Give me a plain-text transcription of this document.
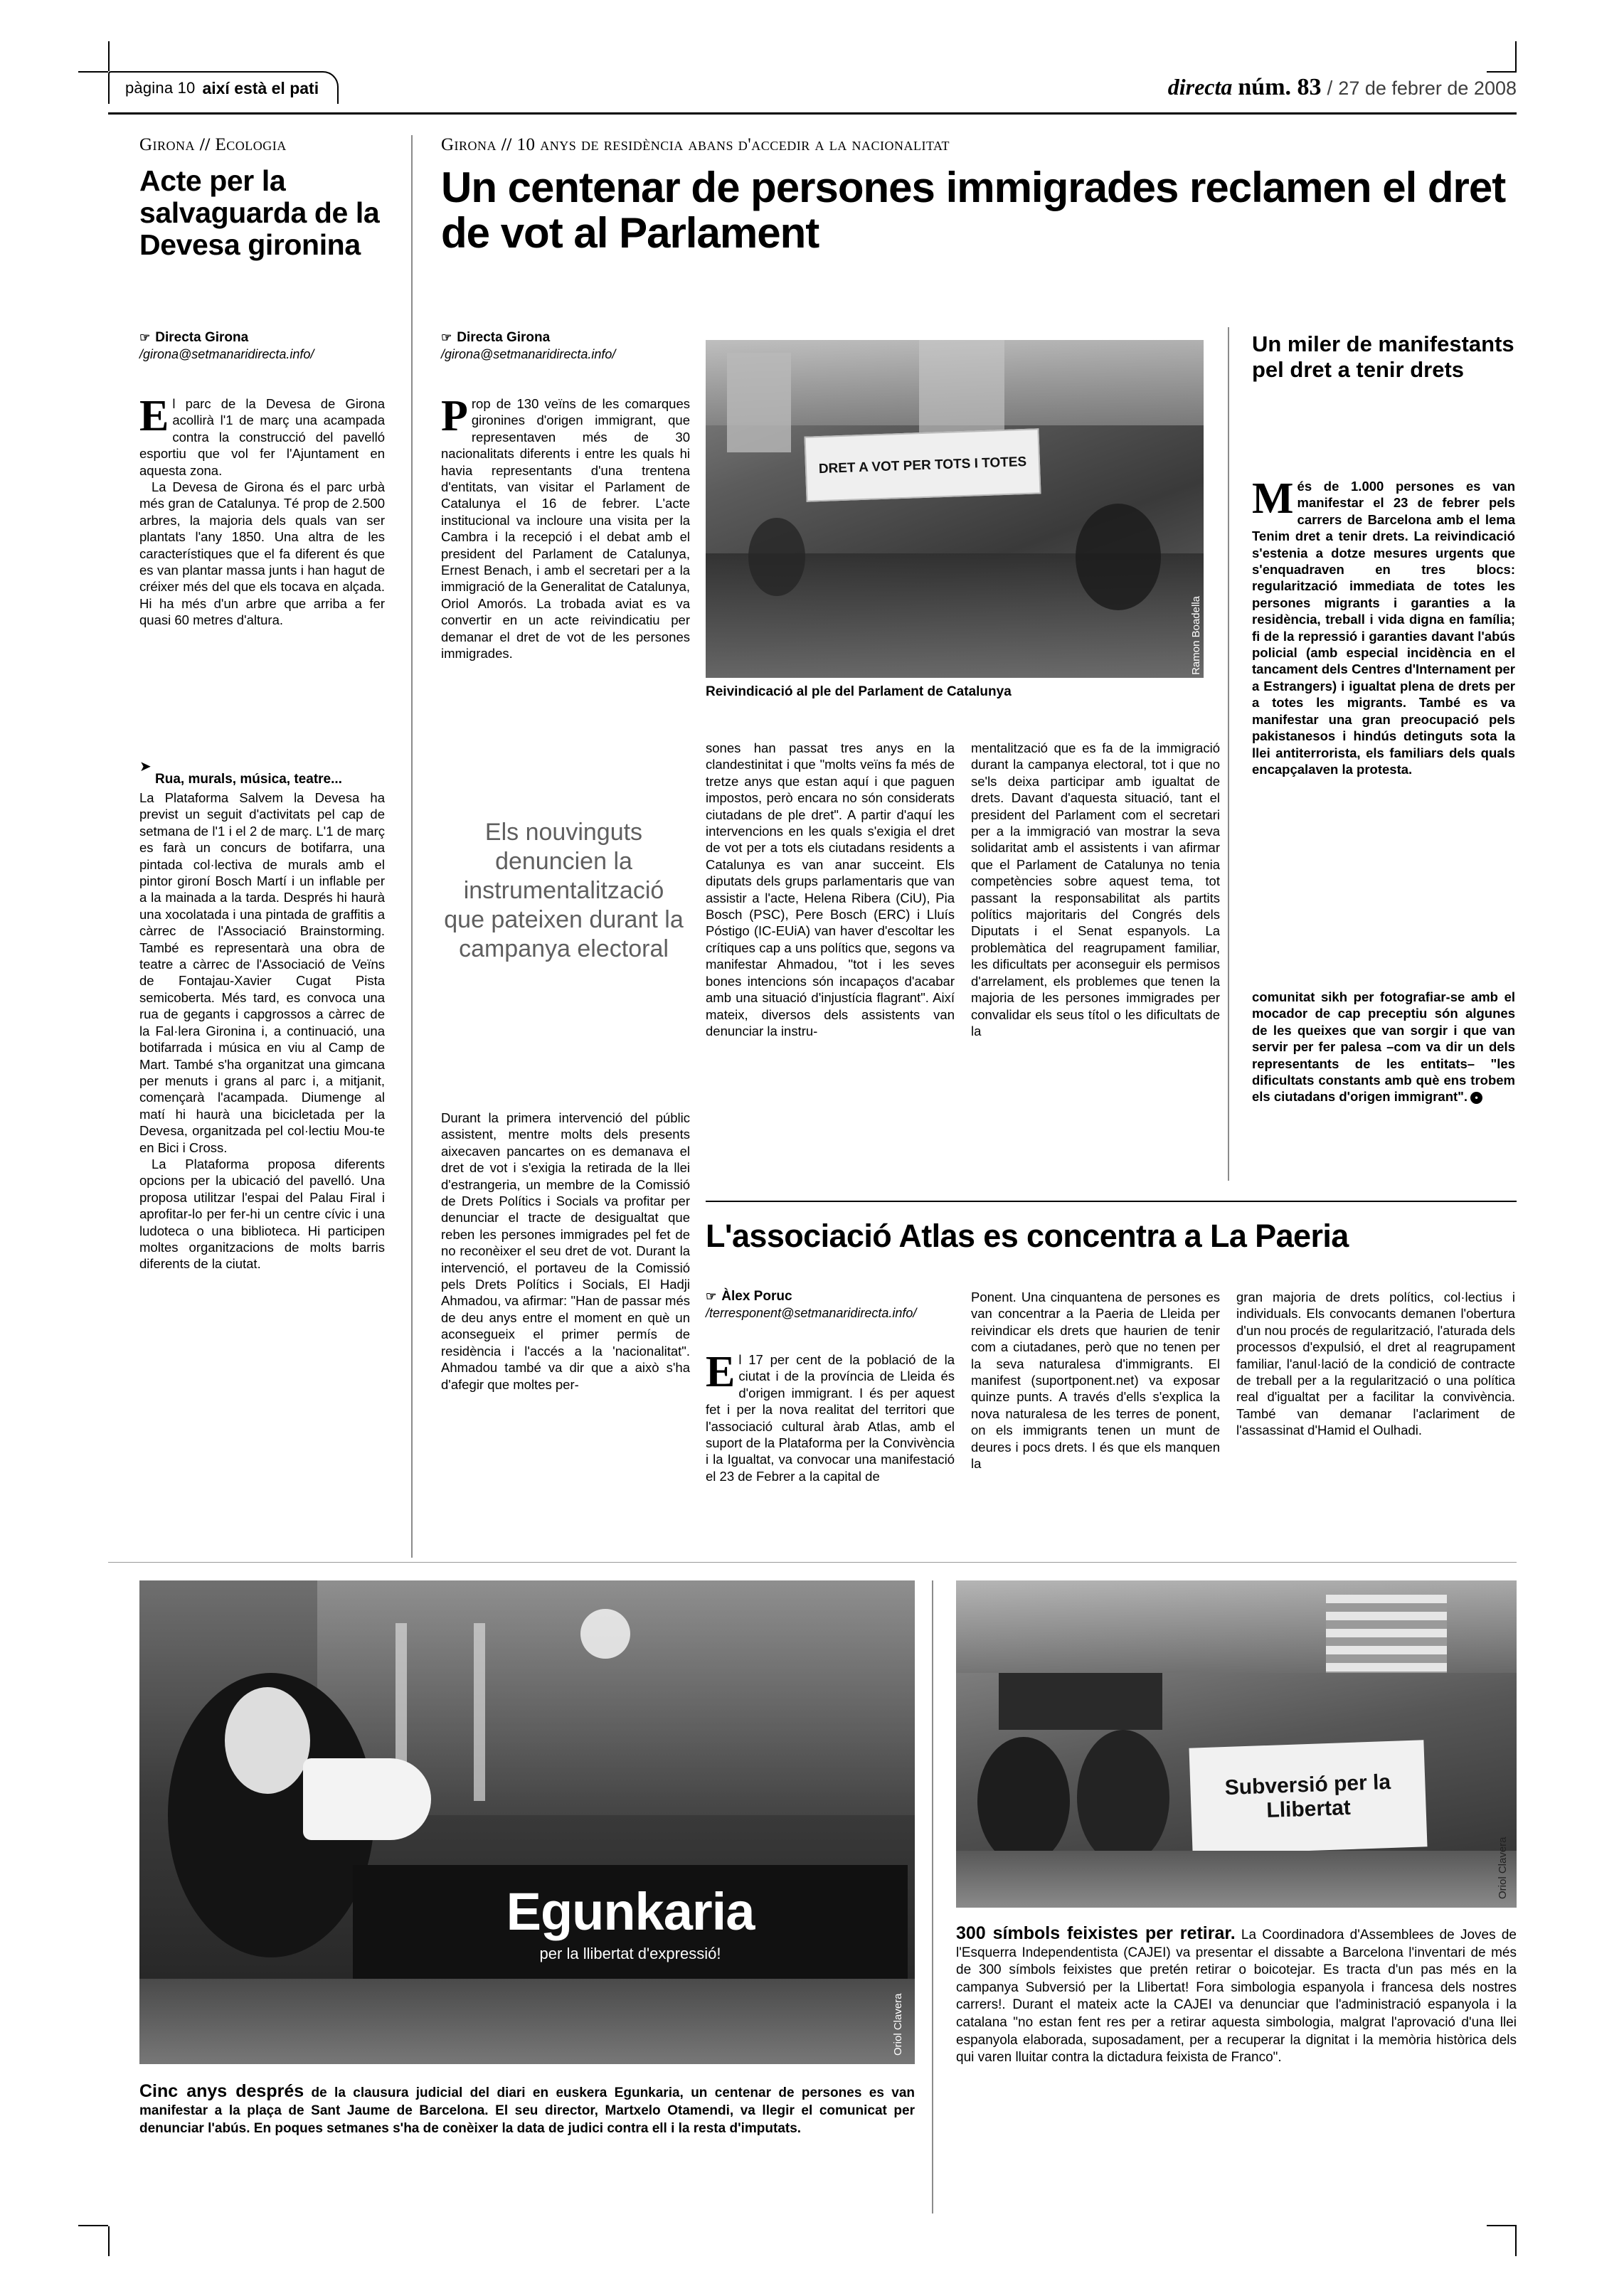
pàgina 10 així està el pati	directa núm. 83 / 27 de febrer de 2008
Girona // Ecologia
Acte per la salvaguarda de la Devesa gironina
☞ Directa Girona
/girona@setmanaridirecta.info/

El parc de la Devesa de Girona acollirà l'1 de març una acampada contra la construcció del pavelló esportiu que vol fer l'Ajuntament en aquesta zona.

La Devesa de Girona és el parc urbà més gran de Catalunya. Té prop de 2.500 arbres, la majoria dels quals van ser plantats l'any 1850. Una altra de les característiques que el fa diferent és que es van plantar massa junts i han hagut de créixer més del que els tocava en alçada. Hi ha més d'un arbre que arriba a fer quasi 60 metres d'altura.

➤
Rua, murals, música, teatre...

La Plataforma Salvem la Devesa ha previst un seguit d'activitats pel cap de setmana de l'1 i el 2 de març. L'1 de març es farà un concurs de botifarra, una pintada col·lectiva de murals amb el pintor gironí Bosch Martí i un inflable per a la mainada a la tarda. Després hi haurà una xocolatada i una pintada de graffitis a càrrec de l'Associació Brainstorming. També es representarà una obra de teatre a càrrec de l'Associació de Veïns de Fontajau-Xavier Cugat Pista semicoberta. Més tard, es convoca una rua de gegants i capgrossos a càrrec de la Fal·lera Gironina i, a continuació, una botifarrada i música en viu al Camp de Mart. També s'ha organitzat una gimcana per menuts i grans al parc i, a mitjanit, començarà l'acampada. Diumenge al matí hi haurà una bicicletada per la Devesa, organitzada pel col·lectiu Mou-te en Bici i Cross.

La Plataforma proposa diferents opcions per la ubicació del pavelló. Una proposa utilitzar l'espai del Palau Firal i aprofitar-lo per fer-hi un centre cívic i una ludoteca o una biblioteca. Hi participen moltes organitzacions de molts barris diferents de la ciutat.

Girona // 10 anys de residència abans d'accedir a la nacionalitat
Un centenar de persones immigrades reclamen el dret de vot al Parlament
☞ Directa Girona
/girona@setmanaridirecta.info/

Prop de 130 veïns de les comarques gironines d'origen immigrant, que representaven més de 30 nacionalitats diferents i entre les quals hi havia representants d'una trentena d'entitats, van visitar el Parlament de Catalunya el 16 de febrer. L'acte institucional va incloure una visita per la Cambra i la recepció i el debat amb el president del Parlament de Catalunya, Ernest Benach, i amb el secretari per a la immigració de la Generalitat de Catalunya, Oriol Amorós. La trobada aviat es va convertir en un acte reivindicatiu per demanar el dret de vot de les persones immigrades.

Els nouvinguts denuncien la instrumentalització que pateixen durant la campanya electoral

Durant la primera intervenció del públic assistent, mentre molts dels presents aixecaven pancartes on es demanava el dret de vot i s'exigia la retirada de la llei d'estrangeria, un membre de la Comissió de Drets Polítics i Socials va profitar per denunciar el tracte de desigualtat que reben les persones immigrades pel fet de no reconèixer el seu dret de vot. Durant la intervenció, el portaveu de la Comissió pels Drets Polítics i Socials, El Hadji Ahmadou, va afirmar: "Han de passar més de deu anys entre el moment en què un aconsegueix el primer permís de residència i l'accés a la 'nacionalitat". Ahmadou també va dir que a això s'ha d'afegir que moltes per-

DRET A VOT PER TOTS I TOTES
Ramon Boadella
Reivindicació al ple del Parlament de Catalunya

sones han passat tres anys en la clandestinitat i que "molts veïns fa més de tretze anys que estan aquí i que paguen impostos, però encara no són considerats ciutadans de ple dret". A partir d'aquí les intervencions en les quals s'exigia el dret de vot per a tots els ciutadans residents a Catalunya es van anar succeint. Els diputats dels grups parlamentaris que van assistir a l'acte, Helena Ribera (CiU), Pia Bosch (PSC), Pere Bosch (ERC) i Lluís Póstigo (IC-EUiA) van haver d'escoltar les crítiques cap a uns polítics que, segons va manifestar Ahmadou, "tot i les seves bones intencions són incapaços d'acabar amb una situació d'injustícia flagrant". Així mateix, diversos dels assistents van denunciar la instru-

mentalització que es fa de la immigració durant la campanya electoral, tot i que no se'ls deixa participar amb igualtat de drets. Davant d'aquesta situació, tant el president del Parlament com el secretari per a la immigració van mostrar la seva solidaritat amb el assistents i van afirmar que el Parlament de Catalunya no tenia competències sobre aquest tema, tot passant la responsabilitat als partits polítics majoritaris del Congrés dels Diputats i el Senat espanyols. La problemàtica del reagrupament familiar, les dificultats per aconseguir els permisos d'arrelament, els problemes que tenen la majoria de les persones immigrades per convalidar els seus títol o les dificultats de la

Un miler de manifestants pel dret a tenir drets

Més de 1.000 persones es van manifestar el 23 de febrer pels carrers de Barcelona amb el lema Tenim dret a tenir drets. La reivindicació s'estenia a dotze mesures urgents que s'enquadraven en tres blocs: regularització immediata de totes les persones migrants i garanties a la residència, treball i vida digna en família; fi de la repressió i garanties davant l'abús policial (amb especial incidència en el tancament dels Centres d'Internament per a Estrangers) i igualtat plena de drets per a totes les migrants. També es va manifestar una gran preocupació pels pakistanesos i hindús detinguts sota la llei antiterrorista, els familiars dels quals encapçalaven la protesta.

comunitat sikh per fotografiar-se amb el mocador de cap preceptiu són algunes de les queixes que van sorgir i que van servir per fer palesa –com va dir un dels representants de les entitats– "les dificultats constants amb què ens trobem els ciutadans d'origen immigrant". •

L'associació Atlas es concentra a La Paeria
☞ Àlex Poruc
/terresponent@setmanaridirecta.info/

El 17 per cent de la població de la ciutat i de la província de Lleida és d'origen immigrant. I és per aquest fet i per la nova realitat del territori que l'associació cultural àrab Atlas, amb el suport de la Plataforma per la Convivència i la Igualtat, va convocar una manifestació el 23 de Febrer a la capital de

Ponent. Una cinquantena de persones es van concentrar a la Paeria de Lleida per reivindicar els drets que haurien de tenir com a ciutadanes, però que no tenen per la seva naturalesa d'immigrants. El manifest (suportponent.net) va exposar quinze punts. A través d'ells s'explica la nova naturalesa de les terres de ponent, on els immigrants tenen un munt de deures i pocs drets. I és que els manquen la

gran majoria de drets polítics, col·lectius i individuals. Els convocants demanen l'obertura d'un nou procés de regularització, l'aturada dels processos d'expulsió, el dret al reagrupament familiar, l'anul·lació de la condició de contracte de treball per a la regularització o una política real d'igualtat per a facilitar la convivència. També van demanar l'aclariment de l'assassinat d'Hamid el Oulhadi.

Egunkaria
per la llibertat d'expressió!
Oriol Clavera

Cinc anys després de la clausura judicial del diari en euskera Egunkaria, un centenar de persones es van manifestar a la plaça de Sant Jaume de Barcelona. El seu director, Martxelo Otamendi, va llegir el comunicat per denunciar l'abús. En poques setmanes s'ha de conèixer la data de judici contra ell i la resta d'imputats.

Subversió per la Llibertat
Oriol Clavera

300 símbols feixistes per retirar. La Coordinadora d'Assemblees de Joves de l'Esquerra Independentista (CAJEI) va presentar el dissabte a Barcelona l'inventari de més de 300 símbols feixistes que pretén retirar o boicotejar. Es tracta d'un pas més en la campanya Subversió per la Llibertat! Fora simbologia espanyola i francesa dels nostres carrers!. Durant el mateix acte la CAJEI va denunciar que l'administració espanyola i la catalana "no estan fent res per a retirar aquesta simbologia, malgrat l'aprovació d'una llei espanyola elaborada, suposadament, per a recuperar la dignitat i la memòria històrica dels qui varen lluitar contra la dictadura feixista de Franco".
